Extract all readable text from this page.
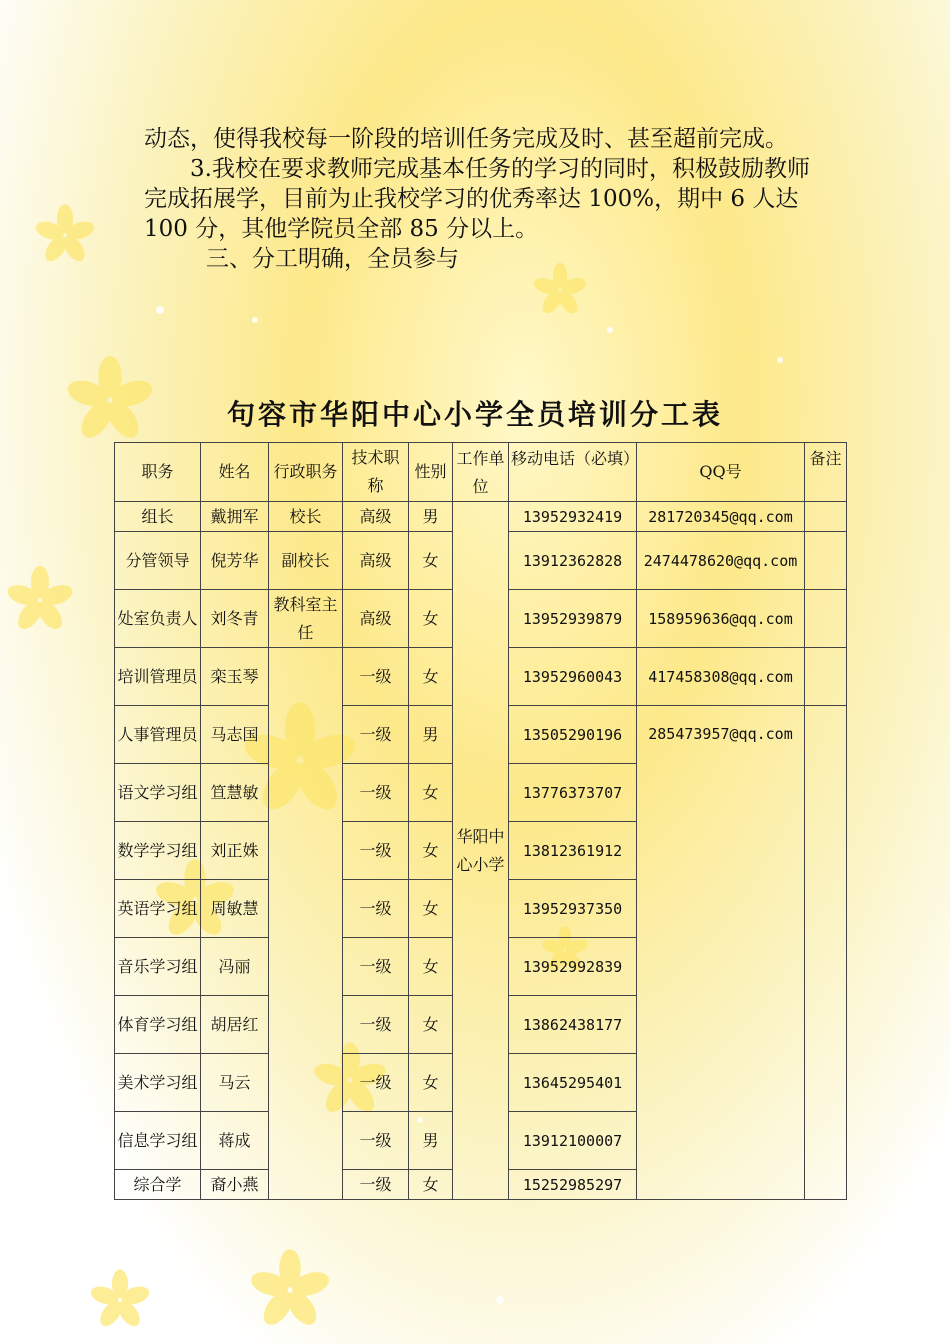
动态，使得我校每一阶段的培训任务完成及时、甚至超前完成。

3.我校在要求教师完成基本任务的学习的同时，积极鼓励教师完成拓展学，目前为止我校学习的优秀率达 100%，期中 6 人达 100 分，其他学院员全部 85 分以上。

三、分工明确，全员参与

句容市华阳中心小学全员培训分工表
职务	姓名	行政职务	技术职称	性别	工作单位	移动电话（必填）	QQ号	备注
组长	戴拥军	校长	高级	男	华阳中心小学	13952932419	281720345@qq.com	
分管领导	倪芳华	副校长	高级	女		13912362828	2474478620@qq.com	
处室负责人	刘冬青	教科室主任	高级	女		13952939879	158959636@qq.com	
培训管理员	栾玉琴		一级	女		13952960043	417458308@qq.com	
人事管理员	马志国		一级	男		13505290196	285473957@qq.com	
语文学习组	笪慧敏		一级	女		13776373707		
数学学习组	刘正姝		一级	女		13812361912		
英语学习组	周敏慧		一级	女		13952937350		
音乐学习组	冯丽		一级	女		13952992839		
体育学习组	胡居红		一级	女		13862438177		
美术学习组	马云		一级	女		13645295401		
信息学习组	蒋成		一级	男		13912100007		
综合学	裔小燕		一级	女		15252985297		
